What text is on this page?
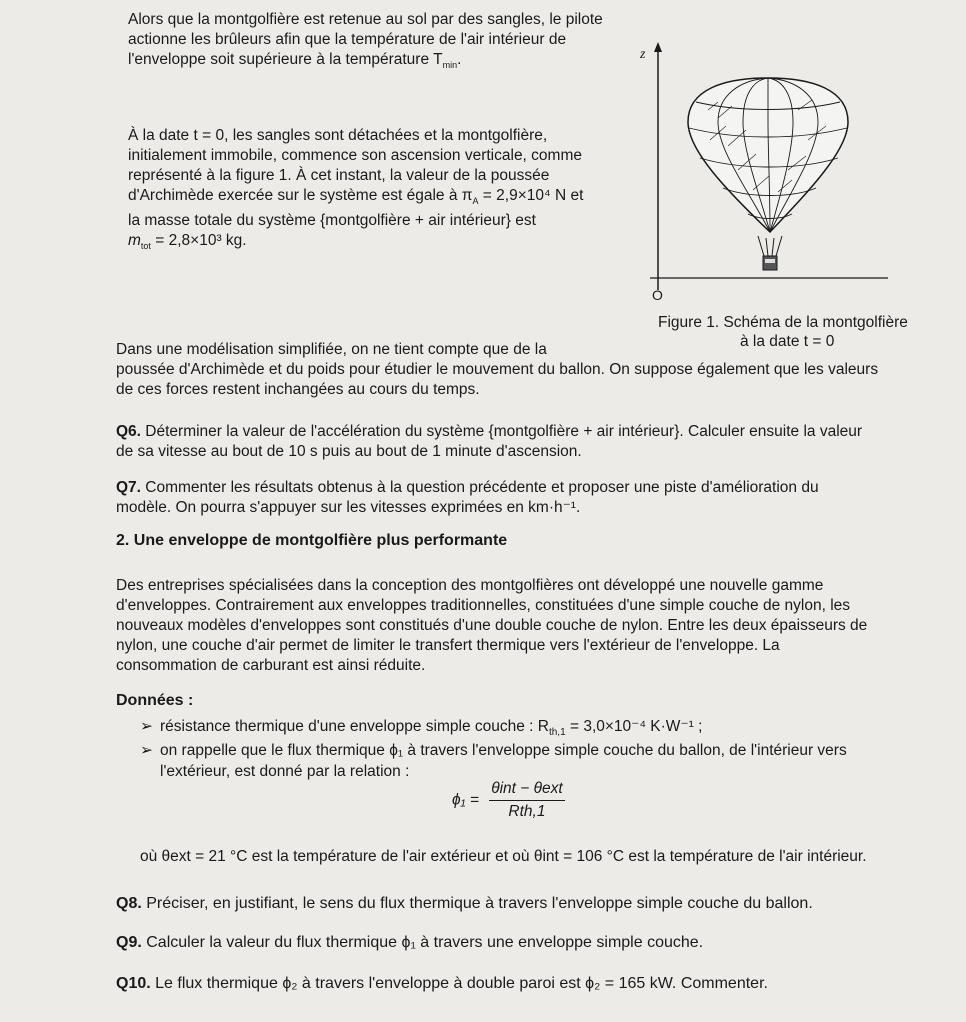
Alors que la montgolfière est retenue au sol par des sangles, le pilote

actionne les brûleurs afin que la température de l'air intérieur de

l'enveloppe soit supérieure à la température $T_{min}$.

À la date t = 0, les sangles sont détachées et la montgolfière,

initialement immobile, commence son ascension verticale, comme

représenté à la figure 1. À cet instant, la valeur de la poussée

d'Archimède exercée sur le système est égale à $\pi_A = 2,9\times 10^4$ N et

la masse totale du système {montgolfière + air intérieur} est

$m_{tot} = 2,8\times 10^3$ kg.

z
O
Figure 1. Schéma de la montgolfière
à la date t = 0

Dans une modélisation simplifiée, on ne tient compte que de la

poussée d'Archimède et du poids pour étudier le mouvement du ballon. On suppose également que les valeurs

de ces forces restent inchangées au cours du temps.

Q6. Déterminer la valeur de l'accélération du système {montgolfière + air intérieur}. Calculer ensuite la valeur

de sa vitesse au bout de 10 s puis au bout de 1 minute d'ascension.

Q7. Commenter les résultats obtenus à la question précédente et proposer une piste d'amélioration du

modèle. On pourra s'appuyer sur les vitesses exprimées en km·h⁻¹.

2. Une enveloppe de montgolfière plus performante

Des entreprises spécialisées dans la conception des montgolfières ont développé une nouvelle gamme

d'enveloppes. Contrairement aux enveloppes traditionnelles, constituées d'une simple couche de nylon, les

nouveaux modèles d'enveloppes sont constitués d'une double couche de nylon. Entre les deux épaisseurs de

nylon, une couche d'air permet de limiter le transfert thermique vers l'extérieur de l'enveloppe. La

consommation de carburant est ainsi réduite.

Données :
➢ résistance thermique d'une enveloppe simple couche : $R_{th,1} = 3,0\times 10^{-4}$ K·W⁻¹ ;
➢ on rappelle que le flux thermique ϕ₁ à travers l'enveloppe simple couche du ballon, de l'intérieur vers
l'extérieur, est donné par la relation :
$\phi_1 = \frac{\text{θint − θext}}{\text{Rth,1}}$
où θext = 21 °C est la température de l'air extérieur et où θint = 106 °C est la température de l'air intérieur.
Q8. Préciser, en justifiant, le sens du flux thermique à travers l'enveloppe simple couche du ballon.
Q9. Calculer la valeur du flux thermique ϕ₁ à travers une enveloppe simple couche.
Q10. Le flux thermique ϕ₂ à travers l'enveloppe à double paroi est ϕ₂ = 165 kW. Commenter.
